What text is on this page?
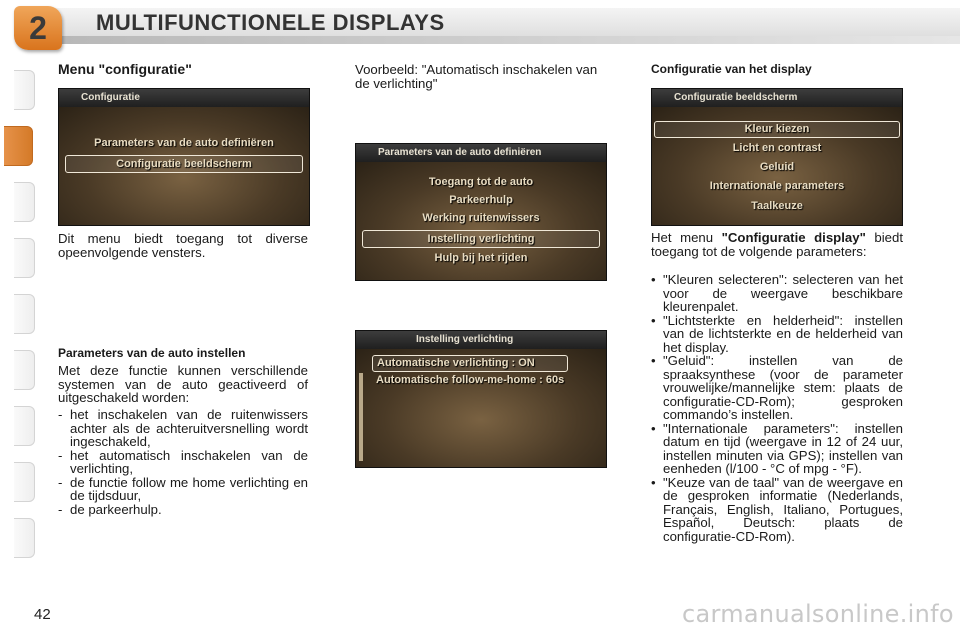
2	MULTIFUNCTIONELE DISPLAYS
Menu "configuratie"
Configuratie
Parameters van de auto definiëren
Configuratie beeldscherm
Dit menu biedt toegang tot diverse opeenvolgende vensters.
Parameters van de auto instellen
Met deze functie kunnen verschillende systemen van de auto geactiveerd of uitgeschakeld worden:
- het inschakelen van de ruitenwissers achter als de achteruitversnelling wordt ingeschakeld,
- het automatisch inschakelen van de verlichting,
- de functie follow me home verlichting en de tijdsduur,
- de parkeerhulp.
Voorbeeld: "Automatisch inschakelen van de verlichting"
Parameters van de auto definiëren
Toegang tot de auto
Parkeerhulp
Werking ruitenwissers
Instelling verlichting
Hulp bij het rijden
Instelling verlichting
Automatische verlichting : ON
Automatische follow-me-home : 60s
Configuratie van het display
Configuratie beeldscherm
Kleur kiezen
Licht en contrast
Geluid
Internationale parameters
Taalkeuze
Het menu "Configuratie display" biedt toegang tot de volgende parameters:
• "Kleuren selecteren": selecteren van het voor de weergave beschikbare kleurenpalet.
• "Lichtsterkte en helderheid": instellen van de lichtsterkte en de helderheid van het display.
• "Geluid": instellen van de spraaksynthese (voor de parameter vrouwelijke/mannelijke stem: plaats de configuratie-CD-Rom); gesproken commando’s instellen.
• "Internationale parameters": instellen datum en tijd (weergave in 12 of 24 uur, instellen minuten via GPS); instellen van eenheden (l/100 - °C of mpg - °F).
• "Keuze van de taal" van de weergave en de gesproken informatie (Nederlands, Français, English, Italiano, Portugues, Español, Deutsch: plaats de configuratie-CD-Rom).
42	carmanualsonline.info
